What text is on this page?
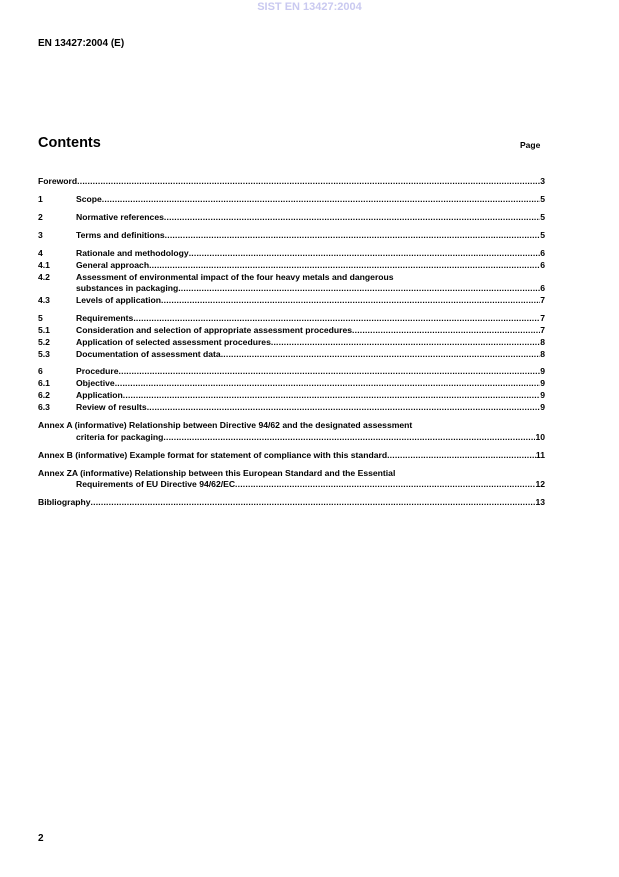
SIST EN 13427:2004
EN 13427:2004 (E)
Contents	Page
Foreword .....	3
1	Scope .....	5
2	Normative references .....	5
3	Terms and definitions .....	5
4	Rationale and methodology .....	6
4.1	General approach .....	6
4.2	Assessment of environmental impact of the four heavy metals and dangerous
substances in packaging .....	6
4.3	Levels of application .....	7
5	Requirements .....	7
5.1	Consideration and selection of appropriate assessment procedures .....	7
5.2	Application of selected assessment procedures .....	8
5.3	Documentation of assessment data .....	8
6	Procedure .....	9
6.1	Objective .....	9
6.2	Application .....	9
6.3	Review of results .....	9
Annex A (informative) Relationship between Directive 94/62 and the designated assessment
criteria for packaging .....	10
Annex B (informative) Example format for statement of compliance with this standard .....	11
Annex ZA (informative) Relationship between this European Standard and the Essential
Requirements of EU Directive 94/62/EC .....	12
Bibliography .....	13
2
